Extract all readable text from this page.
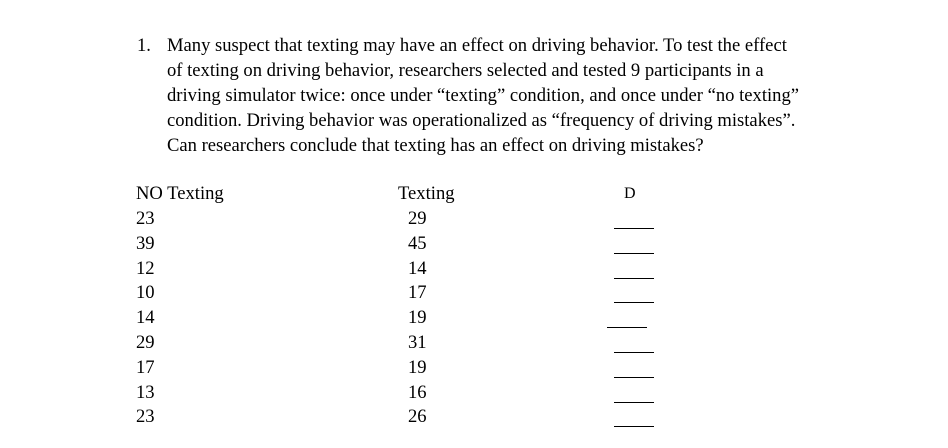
1. Many suspect that texting may have an effect on driving behavior. To test the effect
of texting on driving behavior, researchers selected and tested 9 participants in a
driving simulator twice: once under “texting” condition, and once under “no texting”
condition. Driving behavior was operationalized as “frequency of driving mistakes”.
Can researchers conclude that texting has an effect on driving mistakes?
NO Texting	Texting	D
23
39
12
10
14
29
17
13
23
29
45
14
17
19
31
19
16
26
